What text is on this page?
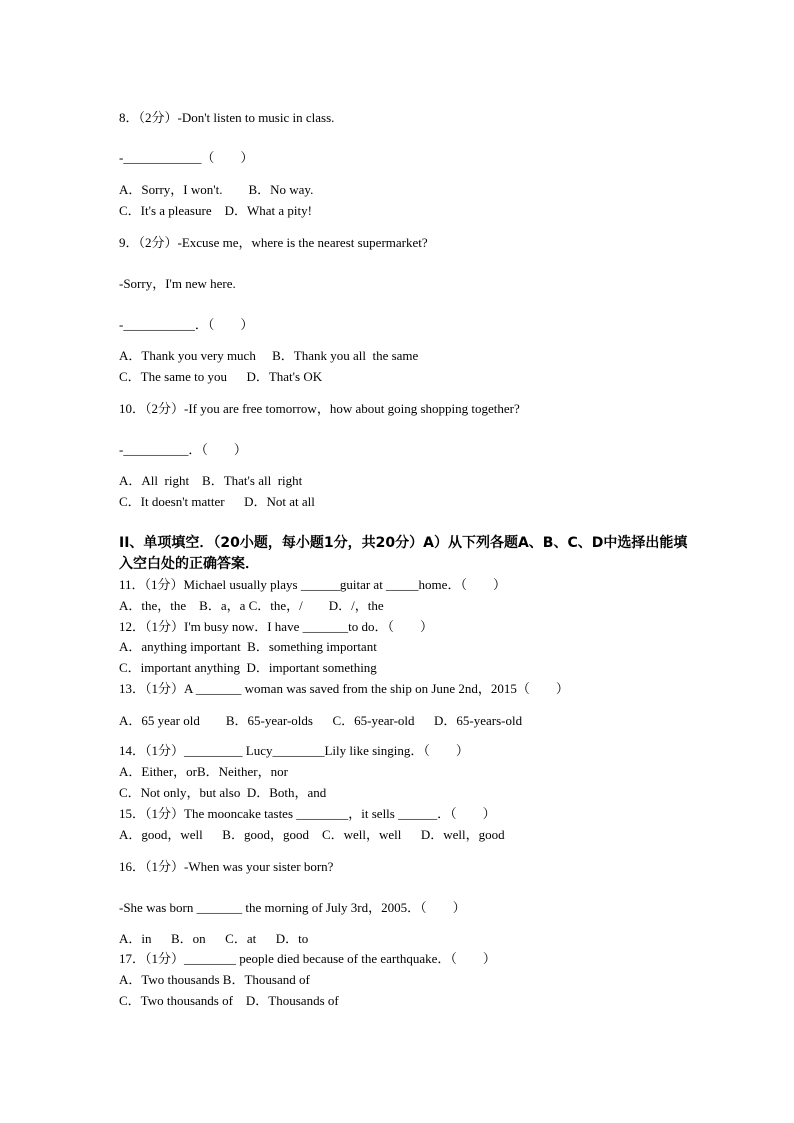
8．（2分）-Don't listen to music in class.
-____________（　　）
A．Sorry，I won't.　　B．No way.
C．It's a pleasure　D．What a pity!
9．（2分）-Excuse me，where is the nearest supermarket?
-Sorry，I'm new here.
-___________．（　　）
A．Thank you very much　 B．Thank you all  the same
C．The same to you　  D．That's OK
10．（2分）-If you are free tomorrow，how about going shopping together?
-__________．（　　）
A．All  right　B．That's all  right
C．It doesn't matter　  D．Not at all
II、单项填空．（20小题，每小题1分，共20分）A）从下列各题A、B、C、D中选择出能填入空白处的正确答案．
11．（1分）Michael usually plays ______guitar at _____home．（　　）
A．the，the　B．a，a C．the，/　　D．/，the
12．（1分）I'm busy now．I have _______to do．（　　）
A．anything important  B．something important
C．important anything  D．important something
13．（1分）A _______ woman was saved from the ship on June 2nd，2015（　　）
A．65 year old　　B．65-year-olds　  C．65-year-old　  D．65-years-old
14．（1分）_________ Lucy________Lily like singing．（　　）
A．Either，orB．Neither，nor
C．Not only，but also  D．Both，and
15．（1分）The mooncake tastes ________，it sells ______．（　　）
A．good，well　  B．good，good　C．well，well　  D．well，good
16．（1分）-When was your sister born?
-She was born _______ the morning of July 3rd，2005．（　　）
A．in　  B．on　  C．at　  D．to
17．（1分）________ people died because of the earthquake．（　　）
A．Two thousands B．Thousand of
C．Two thousands of　D．Thousands of
